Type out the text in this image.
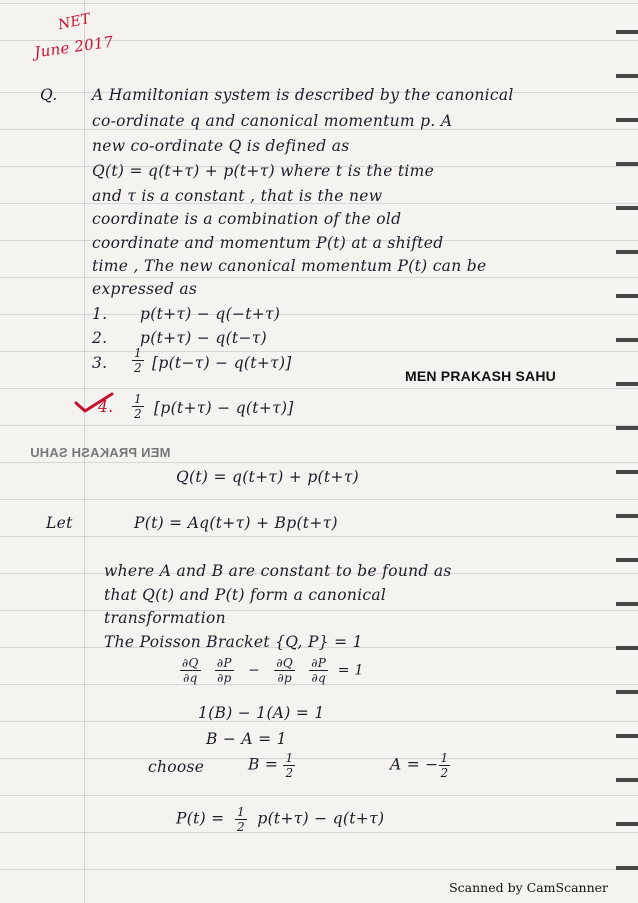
NET
June 2017
Q. A Hamiltonian system is described by the canonical
co-ordinate q and canonical momentum p. A
new co-ordinate Q is defined as
Q(t) = q(t+τ) + p(t+τ) where t is the time
and τ is a constant , that is the new
coordinate is a combination of the old
coordinate and momentum P(t) at a shifted
time , The new canonical momentum P(t) can be
expressed as
1. p(t+τ) − q(−t+τ)
2. p(t+τ) − q(t−τ)
3. $\frac{1}{2} [p(t-\tau) - q(t+\tau)]$
MEN PRAKASH SAHU
4. $\frac{1}{2} [p(t+\tau) - q(t+\tau)]$
MEN PRAKASH SAHU
Q(t) = q(t+τ) + p(t+τ)
Let	P(t) = Aq(t+τ) + Bp(t+τ)
where A and B are constant to be found as
that Q(t) and P(t) form a canonical
transformation
The Poisson Bracket {Q, P} = 1
$\frac{\partial Q}{\partial q}$
$\frac{\partial P}{\partial p} - \frac{\partial Q}{\partial p}$
$\frac{\partial P}{\partial q} = 1$
1(B) − 1(A) = 1
B − A = 1
choose	$B = \frac{1}{2}$	A = − $\frac{1}{2}$
$P(t) = \frac{1}{2} p(t+\tau) - q(t+\tau)$
Scanned by CamScanner
